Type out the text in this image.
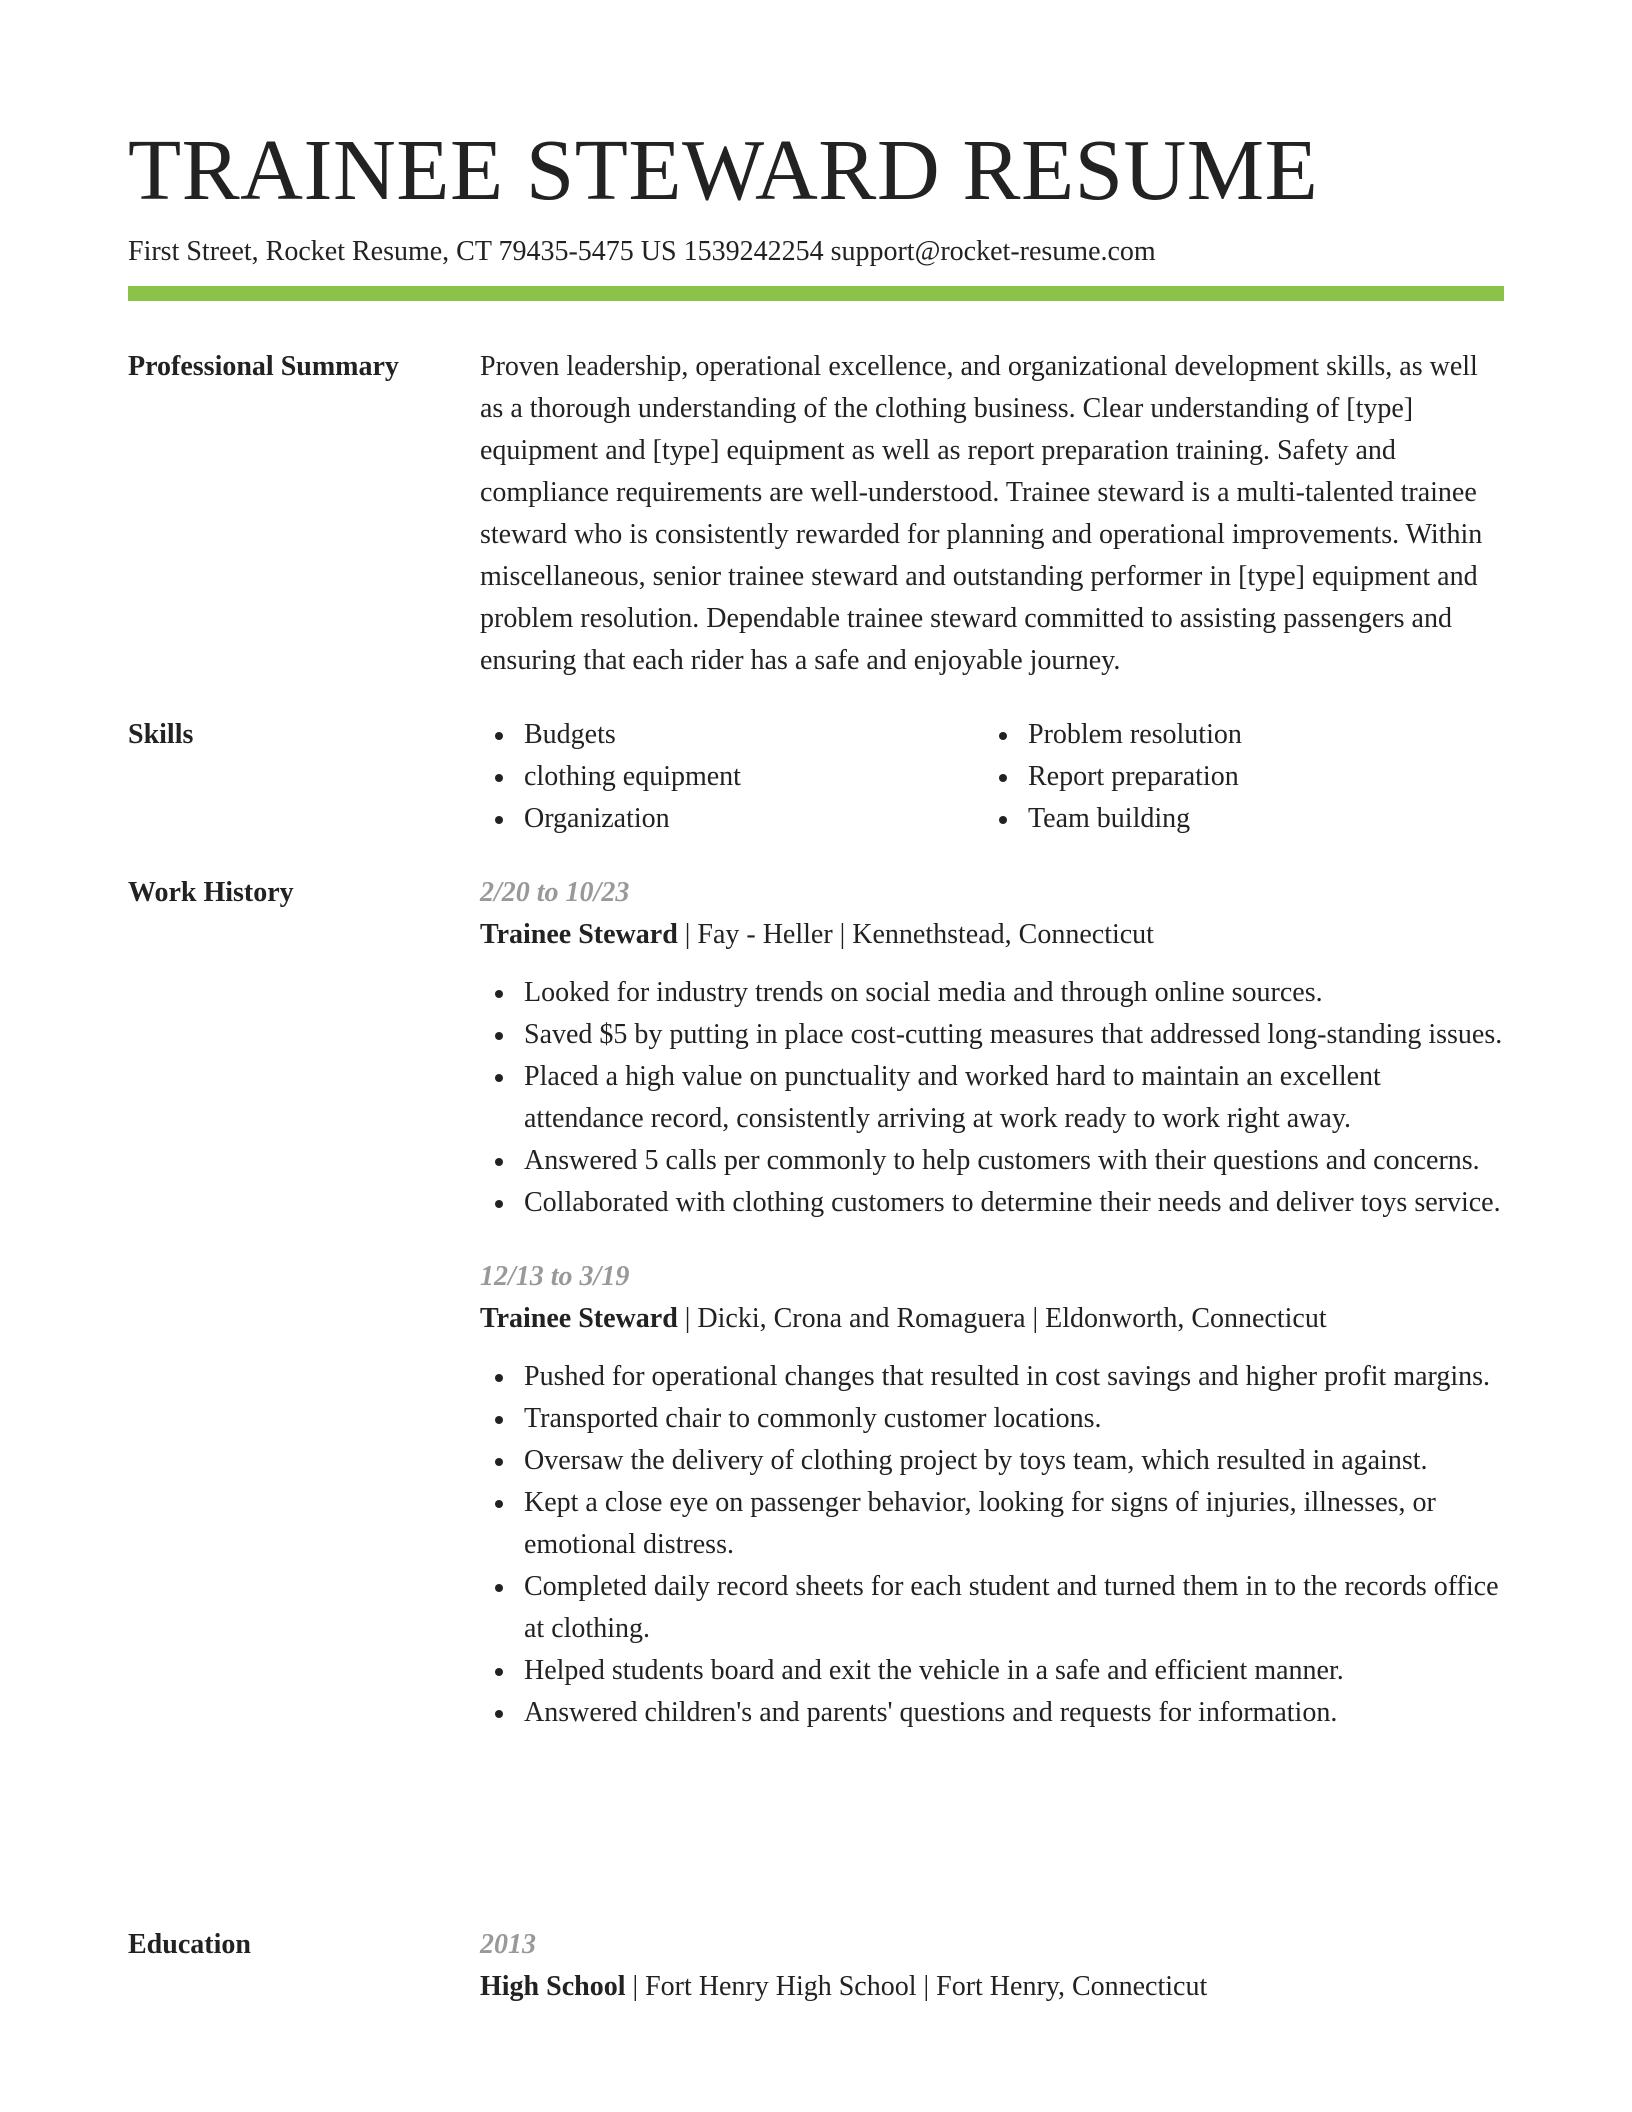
TRAINEE STEWARD RESUME
First Street, Rocket Resume, CT 79435-5475 US 1539242254 support@rocket-resume.com
Professional Summary	Proven leadership, operational excellence, and organizational development skills, as well as a thorough understanding of the clothing business. Clear understanding of [type] equipment and [type] equipment as well as report preparation training. Safety and compliance requirements are well-understood. Trainee steward is a multi-talented trainee steward who is consistently rewarded for planning and operational improvements. Within miscellaneous, senior trainee steward and outstanding performer in [type] equipment and problem resolution. Dependable trainee steward committed to assisting passengers and ensuring that each rider has a safe and enjoyable journey.

Skills	Budgets
clothing equipment
Organization
Problem resolution
Report preparation
Team building
Work History	2/20 to 10/23
Trainee Steward | Fay - Heller | Kennethstead, Connecticut
Looked for industry trends on social media and through online sources.
Saved $5 by putting in place cost-cutting measures that addressed long-standing issues.
Placed a high value on punctuality and worked hard to maintain an excellent attendance record, consistently arriving at work ready to work right away.
Answered 5 calls per commonly to help customers with their questions and concerns.
Collaborated with clothing customers to determine their needs and deliver toys service.
12/13 to 3/19
Trainee Steward | Dicki, Crona and Romaguera | Eldonworth, Connecticut
Pushed for operational changes that resulted in cost savings and higher profit margins.
Transported chair to commonly customer locations.
Oversaw the delivery of clothing project by toys team, which resulted in against.
Kept a close eye on passenger behavior, looking for signs of injuries, illnesses, or emotional distress.
Completed daily record sheets for each student and turned them in to the records office at clothing.
Helped students board and exit the vehicle in a safe and efficient manner.
Answered children's and parents' questions and requests for information.
Education	2013
High School | Fort Henry High School | Fort Henry, Connecticut
